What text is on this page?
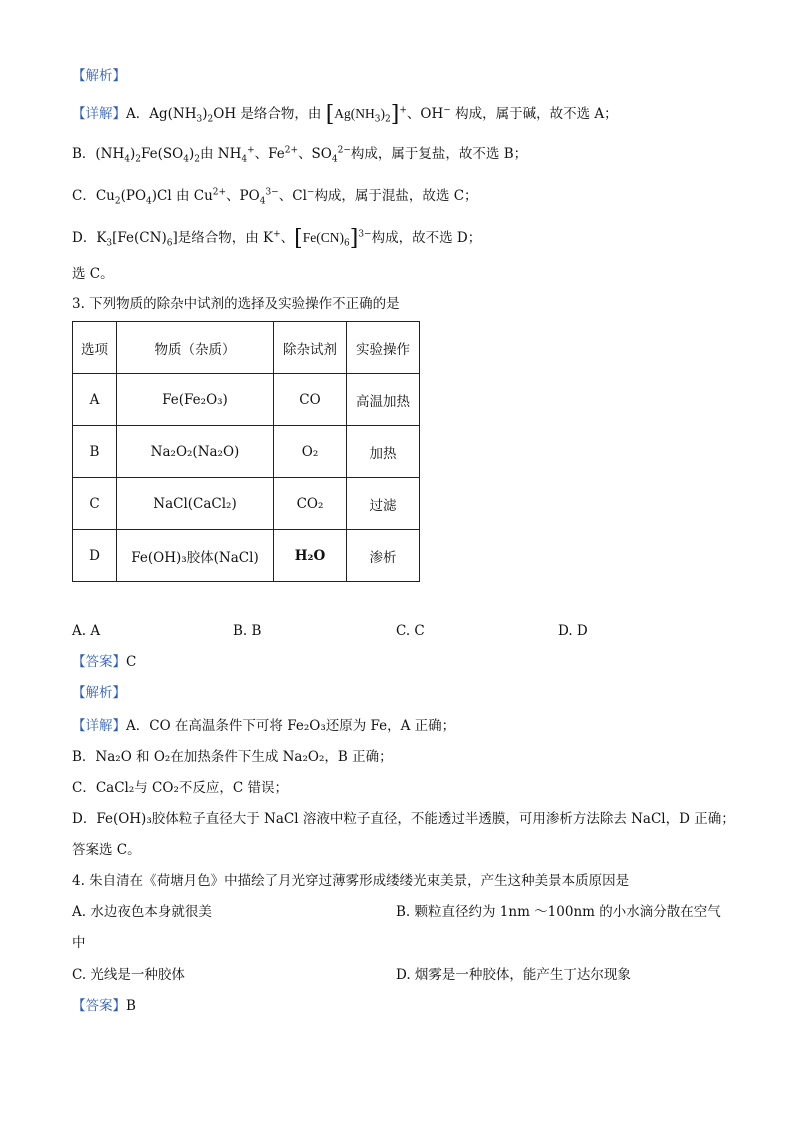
【解析】
【详解】A．$Ag(NH_3)_2OH$ 是络合物，由 $[Ag(NH_3)_2]^+$、OH− 构成，属于碱，故不选 A；
B．$(NH_4)_2Fe(SO_4)_2$由 $NH_4^+$、$Fe^{2+}$、$SO_4^{2-}$构成，属于复盐，故不选 B；
C．$Cu_2(PO_4)Cl$ 由 $Cu^{2+}$、$PO_4^{3-}$、Cl−构成，属于混盐，故选 C；
D．$K_3[Fe(CN)_6]$是络合物，由 K+、$[Fe(CN)_6]^{3-}$构成，故不选 D；
选 C。
3. 下列物质的除杂中试剂的选择及实验操作不正确的是
选项	物质（杂质）	除杂试剂	实验操作
A	Fe(Fe₂O₃)	CO	高温加热
B	Na₂O₂(Na₂O)	O₂	加热
C	NaCl(CaCl₂)	CO₂	过滤
D	Fe(OH)₃胶体(NaCl)	H₂O	渗析
A. A	B. B	C. C	D. D
【答案】C
【解析】
【详解】A．CO 在高温条件下可将 Fe₂O₃还原为 Fe，A 正确；
B．Na₂O 和 O₂在加热条件下生成 Na₂O₂，B 正确；
C．CaCl₂与 CO₂不反应，C 错误；
D．Fe(OH)₃胶体粒子直径大于 NaCl 溶液中粒子直径，不能透过半透膜，可用渗析方法除去 NaCl，D 正确；
答案选 C。
4. 朱自清在《荷塘月色》中描绘了月光穿过薄雾形成缕缕光束美景，产生这种美景本质原因是
A. 水边夜色本身就很美	B. 颗粒直径约为 1nm ～100nm 的小水滴分散在空气
中
C. 光线是一种胶体	D. 烟雾是一种胶体，能产生丁达尔现象
【答案】B
